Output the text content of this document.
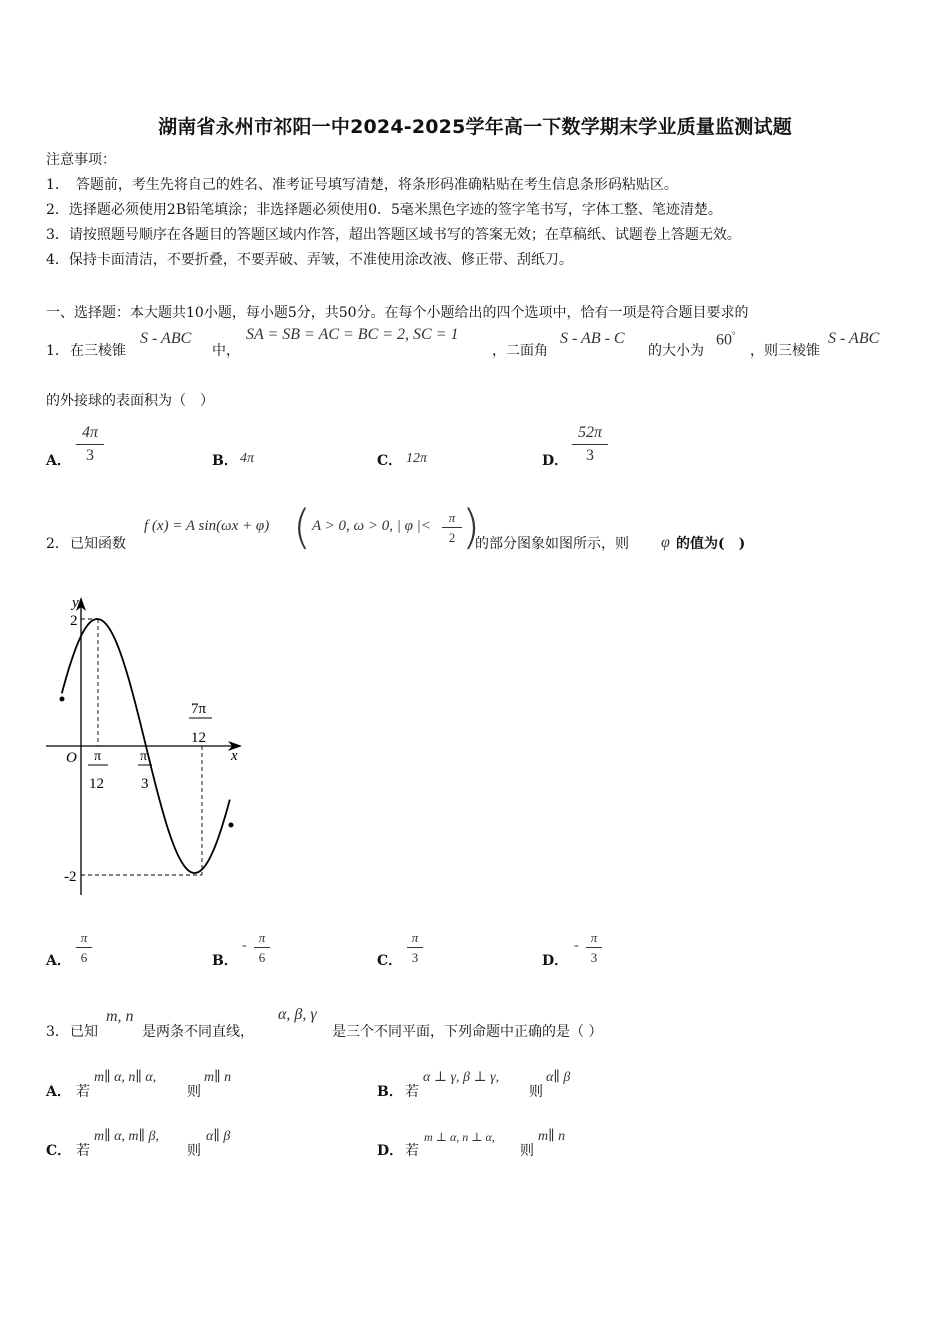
湖南省永州市祁阳一中2024-2025学年高一下数学期末学业质量监测试题
注意事项：
1．　答题前，考生先将自己的姓名、准考证号填写清楚，将条形码准确粘贴在考生信息条形码粘贴区。
2．选择题必须使用2B铅笔填涂；非选择题必须使用0．5毫米黑色字迹的签字笔书写，字体工整、笔迹清楚。
3．请按照题号顺序在各题目的答题区域内作答，超出答题区域书写的答案无效；在草稿纸、试题卷上答题无效。
4．保持卡面清洁，不要折叠，不要弄破、弄皱，不准使用涂改液、修正带、刮纸刀。
一、选择题：本大题共10小题，每小题5分，共50分。在每个小题给出的四个选项中，恰有一项是符合题目要求的
1． 在三棱锥
S - ABC
中，
SA = SB = AC = BC = 2, SC = 1
，二面角
S - AB - C
的大小为
60°
，则三棱锥
S - ABC
的外接球的表面积为（　）
A．
4π
3	B． 4π	C． 12π	D．
52π
3
2． 已知函数
f (x) = A sin(ωx + φ) ( A > 0, ω > 0, | φ |<
π
2 )
的部分图象如图所示，则 φ 的值为(　)
y
x
O
2
-2
π
12
π
3
7π
12
A．
π
6	B．
-
π
6	C．
π
3	D．
-
π
3
3． 已知
m, n
是两条不同直线，
α, β, γ
是三个不同平面，下列命题中正确的是（ ）
A． 若
m∥ α, n∥ α,
则
m∥ n
B． 若
α ⊥ γ, β ⊥ γ,
则
α∥ β
C． 若
m∥ α, m∥ β,
则
α∥ β
D． 若
m ⊥ α, n ⊥ α,
则
m∥ n
